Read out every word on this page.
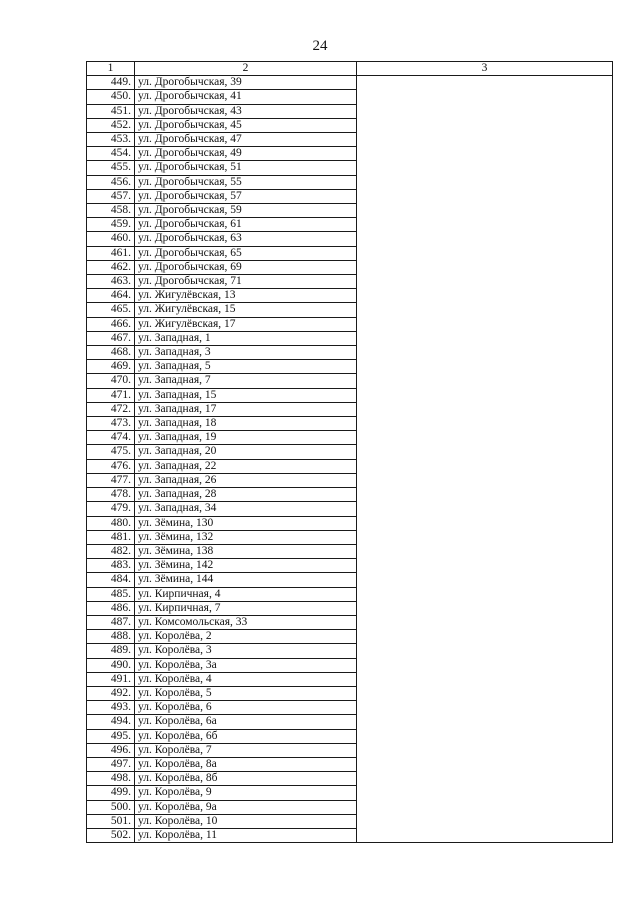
24
1	2	3
449.	ул. Дрогобычская, 39	
450.	ул. Дрогобычская, 41	
451.	ул. Дрогобычская, 43	
452.	ул. Дрогобычская, 45	
453.	ул. Дрогобычская, 47	
454.	ул. Дрогобычская, 49	
455.	ул. Дрогобычская, 51	
456.	ул. Дрогобычская, 55	
457.	ул. Дрогобычская, 57	
458.	ул. Дрогобычская, 59	
459.	ул. Дрогобычская, 61	
460.	ул. Дрогобычская, 63	
461.	ул. Дрогобычская, 65	
462.	ул. Дрогобычская, 69	
463.	ул. Дрогобычская, 71	
464.	ул. Жигулёвская, 13	
465.	ул. Жигулёвская, 15	
466.	ул. Жигулёвская, 17	
467.	ул. Западная, 1	
468.	ул. Западная, 3	
469.	ул. Западная, 5	
470.	ул. Западная, 7	
471.	ул. Западная, 15	
472.	ул. Западная, 17	
473.	ул. Западная, 18	
474.	ул. Западная, 19	
475.	ул. Западная, 20	
476.	ул. Западная, 22	
477.	ул. Западная, 26	
478.	ул. Западная, 28	
479.	ул. Западная, 34	
480.	ул. Зёмина, 130	
481.	ул. Зёмина, 132	
482.	ул. Зёмина, 138	
483.	ул. Зёмина, 142	
484.	ул. Зёмина, 144	
485.	ул. Кирпичная, 4	
486.	ул. Кирпичная, 7	
487.	ул. Комсомольская, 33	
488.	ул. Королёва, 2	
489.	ул. Королёва, 3	
490.	ул. Королёва, 3а	
491.	ул. Королёва, 4	
492.	ул. Королёва, 5	
493.	ул. Королёва, 6	
494.	ул. Королёва, 6а	
495.	ул. Королёва, 6б	
496.	ул. Королёва, 7	
497.	ул. Королёва, 8а	
498.	ул. Королёва, 8б	
499.	ул. Королёва, 9	
500.	ул. Королёва, 9а	
501.	ул. Королёва, 10	
502.	ул. Королёва, 11	
